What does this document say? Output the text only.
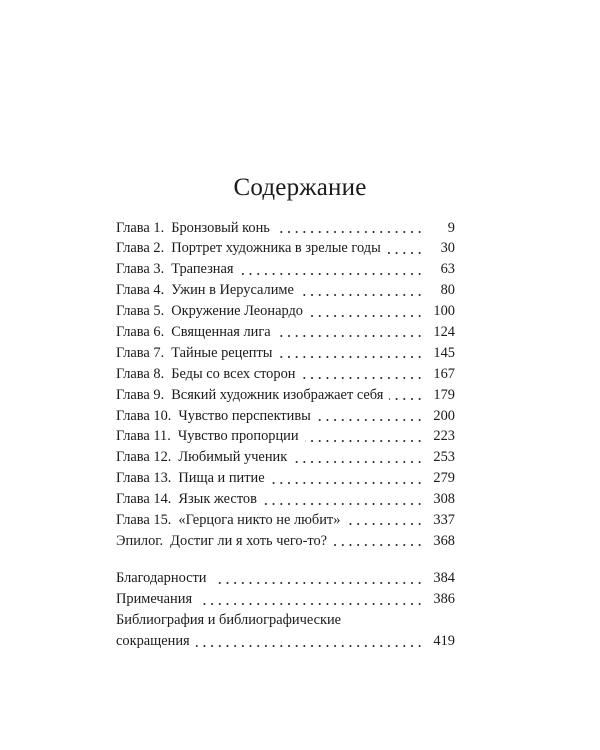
Содержание
Глава 1. Бронзовый конь	9
Глава 2. Портрет художника в зрелые годы	30
Глава 3. Трапезная	63
Глава 4. Ужин в Иерусалиме	80
Глава 5. Окружение Леонардо	100
Глава 6. Священная лига	124
Глава 7. Тайные рецепты	145
Глава 8. Беды со всех сторон	167
Глава 9. Всякий художник изображает себя	179
Глава 10. Чувство перспективы	200
Глава 11. Чувство пропорции	223
Глава 12. Любимый ученик	253
Глава 13. Пища и питие	279
Глава 14. Язык жестов	308
Глава 15. «Герцога никто не любит»	337
Эпилог. Достиг ли я хоть чего-то?	368
Благодарности	384
Примечания	386
Библиография и библиографические
сокращения	419
